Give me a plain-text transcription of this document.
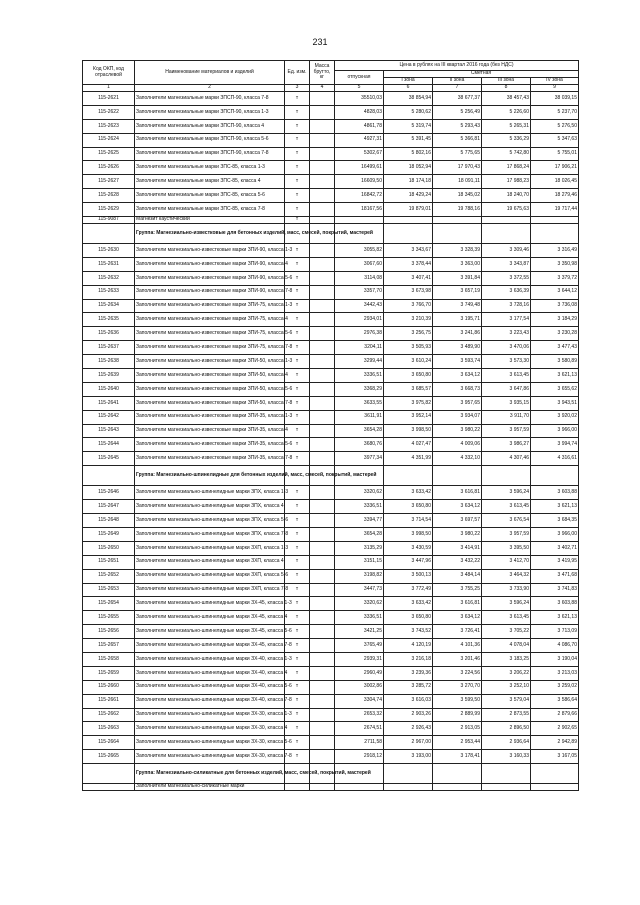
231
Код ОКП, код отраслевой	Наименование материалов и изделий	Ед. изм.	Масса брутто, кг	Цена в рублях на III квартал 2016 года (без НДС)				
				отпускная	Сметная			
					I зона	II зона	III зона	IV зона
1	2	3	4	5	6	7	8	9
115-2621	Заполнители магнезиальные марки ЗПСП-90, класса 7-8	т		35510,03	38 854,94	38 677,37	38 457,43	38 039,15
115-2622	Заполнители магнезиальные марки ЗПСП-90, класса 1-3	т		4828,03	5 280,62	5 256,49	5 226,60	5 237,70
115-2623	Заполнители магнезиальные марки ЗПСП-90, класса 4	т		4861,78	5 319,74	5 293,43	5 265,31	5 276,50
115-2624	Заполнители магнезиальные марки ЗПСП-90, класса 5-6	т		4927,31	5 391,45	5 366,81	5 336,29	5 347,63
115-2625	Заполнители магнезиальные марки ЗПСП-90, класса 7-8	т		5302,67	5 802,16	5 775,65	5 742,80	5 755,01
115-2626	Заполнители магнезиальные марки ЗПС-85, класса 1-3	т		16499,61	18 052,94	17 970,43	17 868,24	17 906,21
115-2627	Заполнители магнезиальные марки ЗПС-85, класса 4	т		16609,50	18 174,18	18 091,11	17 988,23	18 026,45
115-2628	Заполнители магнезиальные марки ЗПС-85, класса 5-6	т		16842,72	18 429,24	18 345,02	18 240,70	18 279,46
115-2629	Заполнители магнезиальные марки ЗПС-85, класса 7-8	т		18167,56	19 879,01	19 788,16	19 675,63	19 717,44
115-9087	Магнезит каустический	т						
	Группа: Магнезиально-известковые для бетонных изделий, масс, смесей, покрытий, мастерей							
115-2630	Заполнители магнезиально-известковые марки ЗПИ-90, класса 1-3	т		3055,82	3 343,67	3 328,39	3 309,46	3 316,49
115-2631	Заполнители магнезиально-известковые марки ЗПИ-90, класса 4	т		3067,60	3 378,44	3 363,00	3 343,87	3 350,98
115-2632	Заполнители магнезиально-известковые марки ЗПИ-90, класса 5-6	т		3114,08	3 407,41	3 391,84	3 372,55	3 379,72
115-2633	Заполнители магнезиально-известковые марки ЗПИ-90, класса 7-8	т		3357,70	3 673,98	3 657,19	3 636,39	3 644,12
115-2634	Заполнители магнезиально-известковые марки ЗПИ-75, класса 1-3	т		3442,43	3 766,70	3 749,48	3 728,16	3 736,08
115-2635	Заполнители магнезиально-известковые марки ЗПИ-75, класса 4	т		2934,01	3 210,39	3 195,71	3 177,54	3 184,29
115-2636	Заполнители магнезиально-известковые марки ЗПИ-75, класса 5-6	т		2976,38	3 256,75	3 241,86	3 223,43	3 230,28
115-2637	Заполнители магнезиально-известковые марки ЗПИ-75, класса 7-8	т		3204,11	3 505,93	3 489,90	3 470,06	3 477,43
115-2638	Заполнители магнезиально-известковые марки ЗПИ-50, класса 1-3	т		3299,44	3 610,24	3 593,74	3 573,30	3 580,89
115-2639	Заполнители магнезиально-известковые марки ЗПИ-50, класса 4	т		3336,51	3 650,80	3 634,12	3 613,45	3 621,13
115-2640	Заполнители магнезиально-известковые марки ЗПИ-50, класса 5-6	т		3368,29	3 685,57	3 668,73	3 647,86	3 655,62
115-2641	Заполнители магнезиально-известковые марки ЗПИ-50, класса 7-8	т		3633,55	3 975,82	3 957,65	3 935,15	3 943,51
115-2642	Заполнители магнезиально-известковые марки ЗПИ-35, класса 1-3	т		3611,91	3 952,14	3 934,07	3 911,70	3 920,02
115-2643	Заполнители магнезиально-известковые марки ЗПИ-35, класса 4	т		3654,28	3 998,50	3 980,22	3 957,59	3 966,00
115-2644	Заполнители магнезиально-известковые марки ЗПИ-35, класса 5-6	т		3680,76	4 027,47	4 009,06	3 986,27	3 994,74
115-2645	Заполнители магнезиально-известковые марки ЗПИ-35, класса 7-8	т		3977,34	4 351,99	4 332,10	4 307,46	4 316,61
	Группа: Магнезиально-шпинелидные для бетонных изделий, масс, смесей, покрытий, мастерей							
115-2646	Заполнители магнезиально-шпинелидные марки ЗПХ, класса 1-3	т		3320,62	3 633,42	3 616,81	3 596,24	3 603,88
115-2647	Заполнители магнезиально-шпинелидные марки ЗПХ, класса 4	т		3336,51	3 650,80	3 634,12	3 613,45	3 621,13
115-2648	Заполнители магнезиально-шпинелидные марки ЗПХ, класса 5-6	т		3394,77	3 714,54	3 697,57	3 676,54	3 684,35
115-2649	Заполнители магнезиально-шпинелидные марки ЗПХ, класса 7-8	т		3654,28	3 998,50	3 980,22	3 957,59	3 966,00
115-2650	Заполнители магнезиально-шпинелидные марки ЗХП, класса 1-3	т		3135,29	3 430,59	3 414,91	3 395,50	3 402,71
115-2651	Заполнители магнезиально-шпинелидные марки ЗХП, класса 4	т		3151,15	3 447,96	3 432,22	3 412,70	3 419,95
115-2652	Заполнители магнезиально-шпинелидные марки ЗХП, класса 5-6	т		3198,82	3 500,13	3 484,14	3 464,32	3 471,68
115-2653	Заполнители магнезиально-шпинелидные марки ЗХП, класса 7-8	т		3447,73	3 772,49	3 755,25	3 733,90	3 741,83
115-2654	Заполнители магнезиально-шпинелидные марки ЗХ-45, класса 1-3	т		3320,62	3 633,42	3 616,81	3 596,24	3 603,88
115-2655	Заполнители магнезиально-шпинелидные марки ЗХ-45, класса 4	т		3336,51	3 650,80	3 634,12	3 613,45	3 621,13
115-2656	Заполнители магнезиально-шпинелидные марки ЗХ-45, класса 5-6	т		3421,25	3 743,52	3 726,41	3 705,22	3 713,09
115-2657	Заполнители магнезиально-шпинелидные марки ЗХ-45, класса 7-8	т		3765,49	4 120,19	4 101,36	4 078,04	4 086,70
115-2658	Заполнители магнезиально-шпинелидные марки ЗХ-40, класса 1-3	т		2939,31	3 216,18	3 201,46	3 183,25	3 190,04
115-2659	Заполнители магнезиально-шпинелидные марки ЗХ-40, класса 4	т		2960,49	3 239,36	3 224,56	3 206,22	3 213,03
115-2660	Заполнители магнезиально-шпинелидные марки ЗХ-40, класса 5-6	т		3002,86	3 285,72	3 270,70	3 252,10	3 259,02
115-2661	Заполнители магнезиально-шпинелидные марки ЗХ-40, класса 7-8	т		3304,74	3 616,03	3 599,50	3 579,04	3 586,64
115-2662	Заполнители магнезиально-шпинелидные марки ЗХ-30, класса 1-3	т		2653,32	2 903,26	2 889,99	2 873,55	2 879,66
115-2663	Заполнители магнезиально-шпинелидные марки ЗХ-30, класса 4	т		2674,51	2 926,43	2 913,05	2 896,50	2 902,65
115-2664	Заполнители магнезиально-шпинелидные марки ЗХ-30, класса 5-6	т		2711,58	2 967,00	2 953,44	2 936,64	2 942,89
115-2665	Заполнители магнезиально-шпинелидные марки ЗХ-30, класса 7-8	т		2918,12	3 193,00	3 178,41	3 160,33	3 167,05
	Группа: Магнезиально-силикатные для бетонных изделий, масс, смесей, покрытий, мастерей							
	Заполнители магнезиально-силикатные марки							
